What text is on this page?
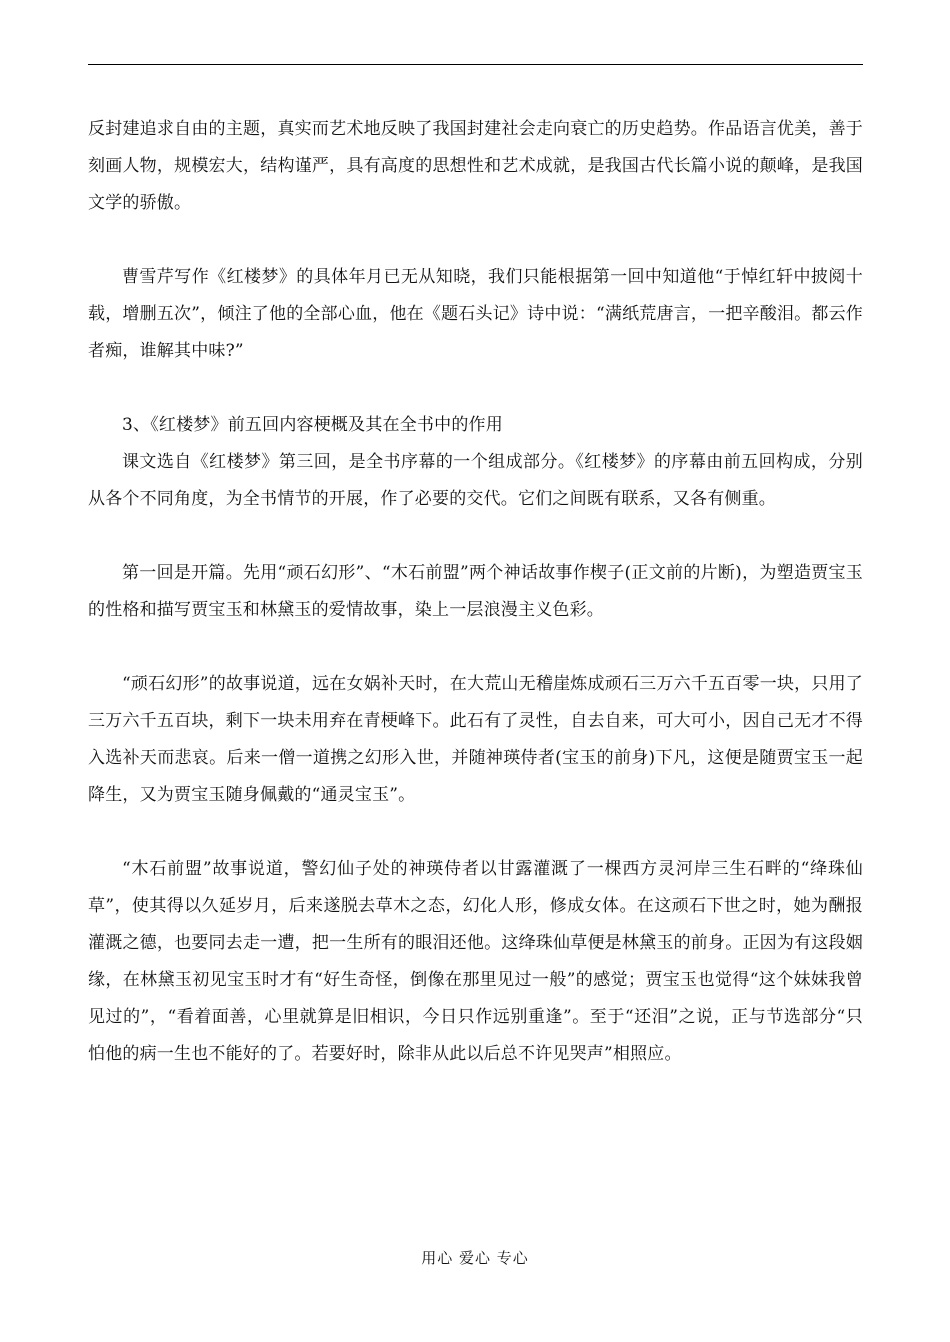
反封建追求自由的主题，真实而艺术地反映了我国封建社会走向衰亡的历史趋势。作品语言优美，善于刻画人物，规模宏大，结构谨严，具有高度的思想性和艺术成就，是我国古代长篇小说的颠峰，是我国文学的骄傲。

曹雪芹写作《红楼梦》的具体年月已无从知晓，我们只能根据第一回中知道他“于悼红轩中披阅十载，增删五次”，倾注了他的全部心血，他在《题石头记》诗中说：“满纸荒唐言，一把辛酸泪。都云作者痴，谁解其中味?”

3、《红楼梦》前五回内容梗概及其在全书中的作用

课文选自《红楼梦》第三回，是全书序幕的一个组成部分。《红楼梦》的序幕由前五回构成，分别从各个不同角度，为全书情节的开展，作了必要的交代。它们之间既有联系，又各有侧重。

第一回是开篇。先用“顽石幻形”、“木石前盟”两个神话故事作楔子(正文前的片断)，为塑造贾宝玉的性格和描写贾宝玉和林黛玉的爱情故事，染上一层浪漫主义色彩。

“顽石幻形”的故事说道，远在女娲补天时，在大荒山无稽崖炼成顽石三万六千五百零一块，只用了三万六千五百块，剩下一块未用弃在青梗峰下。此石有了灵性，自去自来，可大可小，因自己无才不得入选补天而悲哀。后来一僧一道携之幻形入世，并随神瑛侍者(宝玉的前身)下凡，这便是随贾宝玉一起降生，又为贾宝玉随身佩戴的“通灵宝玉”。

“木石前盟”故事说道，警幻仙子处的神瑛侍者以甘露灌溉了一棵西方灵河岸三生石畔的“绛珠仙草”，使其得以久延岁月，后来遂脱去草木之态，幻化人形，修成女体。在这顽石下世之时，她为酬报灌溉之德，也要同去走一遭，把一生所有的眼泪还他。这绛珠仙草便是林黛玉的前身。正因为有这段姻缘，在林黛玉初见宝玉时才有“好生奇怪，倒像在那里见过一般”的感觉；贾宝玉也觉得“这个妹妹我曾见过的”，“看着面善，心里就算是旧相识，今日只作远别重逢”。至于“还泪”之说，正与节选部分“只怕他的病一生也不能好的了。若要好时，除非从此以后总不许见哭声”相照应。

用心 爱心 专心
